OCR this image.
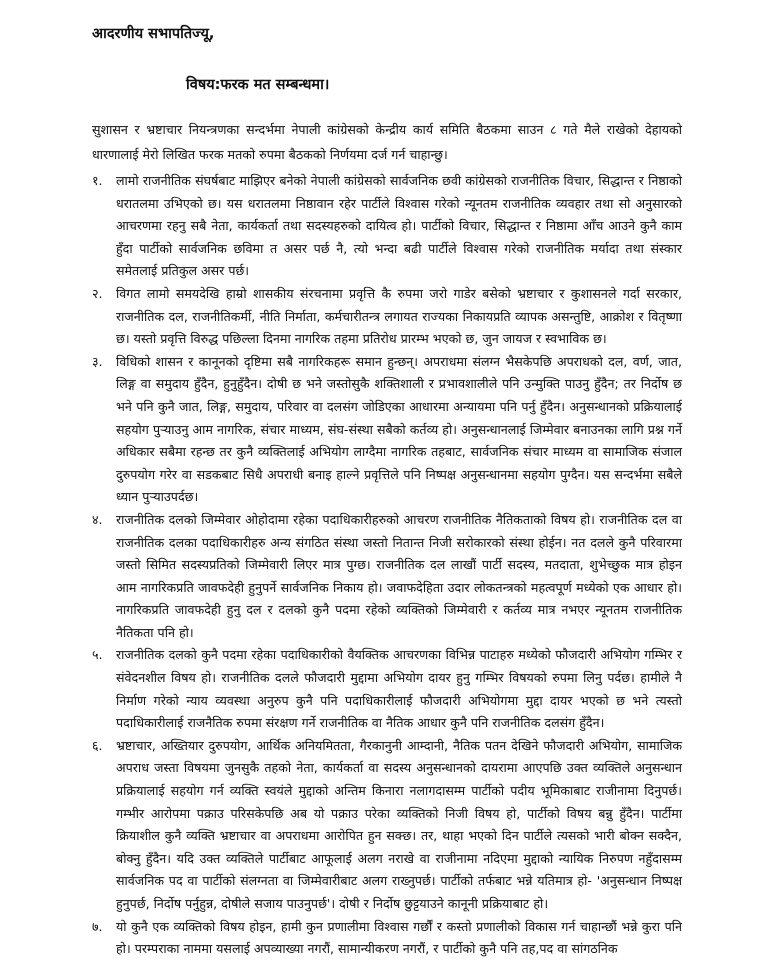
आदरणीय सभापतिज्यू,
विषय:फरक मत सम्बन्धमा।
सुशासन र भ्रष्टाचार नियन्त्रणका सन्दर्भमा नेपाली कांग्रेसको केन्द्रीय कार्य समिति बैठकमा साउन ८ गते मैले राखेको देहायको धारणालाई मेरो लिखित फरक मतको रुपमा बैठकको निर्णयमा दर्ज गर्न चाहान्छु।
१.	लामो राजनीतिक संघर्षबाट माझिएर बनेको नेपाली कांग्रेसको सार्वजनिक छवी कांग्रेसको राजनीतिक विचार, सिद्धान्त र निष्ठाको धरातलमा उभिएको छ। यस धरातलमा निष्ठावान रहेर पार्टीले विश्वास गरेको न्यूनतम राजनीतिक व्यवहार तथा सो अनुसारको आचरणमा रहनु सबै नेता, कार्यकर्ता तथा सदस्यहरुको दायित्व हो। पार्टीको विचार, सिद्धान्त र निष्ठामा आँच आउने कुनै काम हुँदा पार्टीको सार्वजनिक छविमा त असर पर्छ नै, त्यो भन्दा बढी पार्टीले विश्वास गरेको राजनीतिक मर्यादा तथा संस्कार समेतलाई प्रतिकुल असर पर्छ।
२.	विगत लामो समयदेखि हाम्रो शासकीय संरचनामा प्रवृत्ति कै रुपमा जरो गाडेर बसेको भ्रष्टाचार र कुशासनले गर्दा सरकार, राजनीतिक दल, राजनीतिकर्मी, नीति निर्माता, कर्मचारीतन्त्र लगायत राज्यका निकायप्रति व्यापक असन्तुष्टि, आक्रोश र वितृष्णा छ। यस्तो प्रवृत्ति विरुद्ध पछिल्ला दिनमा नागरिक तहमा प्रतिरोध प्रारम्भ भएको छ, जुन जायज र स्वभाविक छ।
३.	विधिको शासन र कानूनको दृष्टिमा सबै नागरिकहरू समान हुन्छन्। अपराधमा संलग्न भैसकेपछि अपराधको दल, वर्ण, जात, लिङ्ग वा समुदाय हुँदैन, हुनुहुँदैन। दोषी छ भने जस्तोसुकै शक्तिशाली र प्रभावशालीले पनि उन्मुक्ति पाउनु हुँदैन; तर निर्दोष छ भने पनि कुनै जात, लिङ्ग, समुदाय, परिवार वा दलसंग जोडिएका आधारमा अन्यायमा पनि पर्नु हुँदैन। अनुसन्धानको प्रक्रियालाई सहयोग पुऱ्याउनु आम नागरिक, संचार माध्यम, संघ-संस्था सबैको कर्तव्य हो। अनुसन्धानलाई जिम्मेवार बनाउनका लागि प्रश्न गर्ने अधिकार सबैमा रहन्छ तर कुनै व्यक्तिलाई अभियोग लाग्दैमा नागरिक तहबाट, सार्वजनिक संचार माध्यम वा सामाजिक संजाल दुरुपयोग गरेर वा सडकबाट सिधै अपराधी बनाइ हाल्ने प्रवृत्तिले पनि निष्पक्ष अनुसन्धानमा सहयोग पुग्दैन। यस सन्दर्भमा सबैले ध्यान पुऱ्याउपर्दछ।
४.	राजनीतिक दलको जिम्मेवार ओहोदामा रहेका पदाधिकारीहरुको आचरण राजनीतिक नैतिकताको विषय हो। राजनीतिक दल वा राजनीतिक दलका पदाधिकारीहरु अन्य संगठित संस्था जस्तो नितान्त निजी सरोकारको संस्था होईन। नत दलले कुनै परिवारमा जस्तो सिमित सदस्यप्रतिको जिम्मेवारी लिएर मात्र पुग्छ। राजनीतिक दल लाखौं पार्टी सदस्य, मतदाता, शुभेच्छुक मात्र होइन आम नागरिकप्रति जावफदेही हुनुपर्ने सार्वजनिक निकाय हो। जवाफदेहिता उदार लोकतन्त्रको महत्वपूर्ण मध्येको एक आधार हो। नागरिकप्रति जावफदेही हुनु दल र दलको कुनै पदमा रहेको व्यक्तिको जिम्मेवारी र कर्तव्य मात्र नभएर न्यूनतम राजनीतिक नैतिकता पनि हो।
५.	राजनीतिक दलको कुनै पदमा रहेका पदाधिकारीको वैयक्तिक आचरणका विभिन्न पाटाहरु मध्येको फौजदारी अभियोग गम्भिर र संवेदनशील विषय हो। राजनीतिक दलले फौजदारी मुद्दामा अभियोग दायर हुनु गम्भिर विषयको रुपमा लिनु पर्दछ। हामीले नै निर्माण गरेको न्याय व्यवस्था अनुरुप कुनै पनि पदाधिकारीलाई फौजदारी अभियोगमा मुद्दा दायर भएको छ भने त्यस्तो पदाधिकारीलाई राजनैतिक रुपमा संरक्षण गर्ने राजनीतिक वा नैतिक आधार कुनै पनि राजनीतिक दलसंग हुँदैन।
६.	भ्रष्टाचार, अख्तियार दुरुपयोग, आर्थिक अनियमितता, गैरकानुनी आम्दानी, नैतिक पतन देखिने फौजदारी अभियोग, सामाजिक अपराध जस्ता विषयमा जुनसुकै तहको नेता, कार्यकर्ता वा सदस्य अनुसन्धानको दायरामा आएपछि उक्त व्यक्तिले अनुसन्धान प्रक्रियालाई सहयोग गर्न व्यक्ति स्वयंले मुद्दाको अन्तिम किनारा नलागदासम्म पार्टीको पदीय भूमिकाबाट राजीनामा दिनुपर्छ। गम्भीर आरोपमा पक्राउ परिसकेपछि अब यो पक्राउ परेका व्यक्तिको निजी विषय हो, पार्टीको विषय बन्नु हुँदैन। पार्टीमा क्रियाशील कुनै व्यक्ति भ्रष्टाचार वा अपराधमा आरोपित हुन सक्छ। तर, थाहा भएको दिन पार्टीले त्यसको भारी बोक्न सक्दैन, बोक्नु हुँदैन। यदि उक्त व्यक्तिले पार्टीबाट आफूलाई अलग नराखे वा राजीनामा नदिएमा मुद्दाको न्यायिक निरुपण नहुँदासम्म सार्वजनिक पद वा पार्टीको संलग्नता वा जिम्मेवारीबाट अलग राख्नुपर्छ। पार्टीको तर्फबाट भन्ने यतिमात्र हो- 'अनुसन्धान निष्पक्ष हुनुपर्छ, निर्दोष पर्नुहुन्न, दोषीले सजाय पाउनुपर्छ'। दोषी र निर्दोष छुट्टयाउने कानूनी प्रक्रियाबाट हो।
७.	यो कुनै एक व्यक्तिको विषय होइन, हामी कुन प्रणालीमा विश्वास गर्छौं र कस्तो प्रणालीको विकास गर्न चाहान्छौं भन्ने कुरा पनि हो। परम्पराका नाममा यसलाई अपव्याख्या नगरौं, सामान्यीकरण नगरौं, र पार्टीको कुनै पनि तह,पद वा सांगठनिक
